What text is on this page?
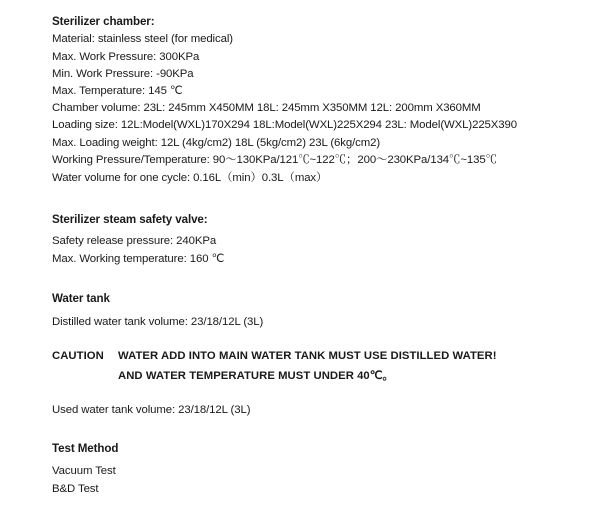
Sterilizer chamber:
Material: stainless steel (for medical)
Max. Work Pressure: 300KPa
Min. Work Pressure: -90KPa
Max. Temperature: 145 ℃
Chamber volume: 23L: 245mm X450MM 18L: 245mm X350MM 12L: 200mm X360MM
Loading size: 12L:Model(WXL)170X294 18L:Model(WXL)225X294 23L: Model(WXL)225X390
Max. Loading weight: 12L (4kg/cm2) 18L (5kg/cm2) 23L (6kg/cm2)
Working Pressure/Temperature: 90～130KPa/121℃~122℃；200～230KPa/134℃~135℃
Water volume for one cycle: 0.16L（min）0.3L（max）
Sterilizer steam safety valve:
Safety release pressure: 240KPa
Max. Working temperature: 160 ℃
Water tank
Distilled water tank volume: 23/18/12L (3L)
CAUTION WATER ADD INTO MAIN WATER TANK MUST USE DISTILLED WATER!
AND WATER TEMPERATURE MUST UNDER 40℃。
Used water tank volume: 23/18/12L (3L)
Test Method
Vacuum Test
B&D Test
